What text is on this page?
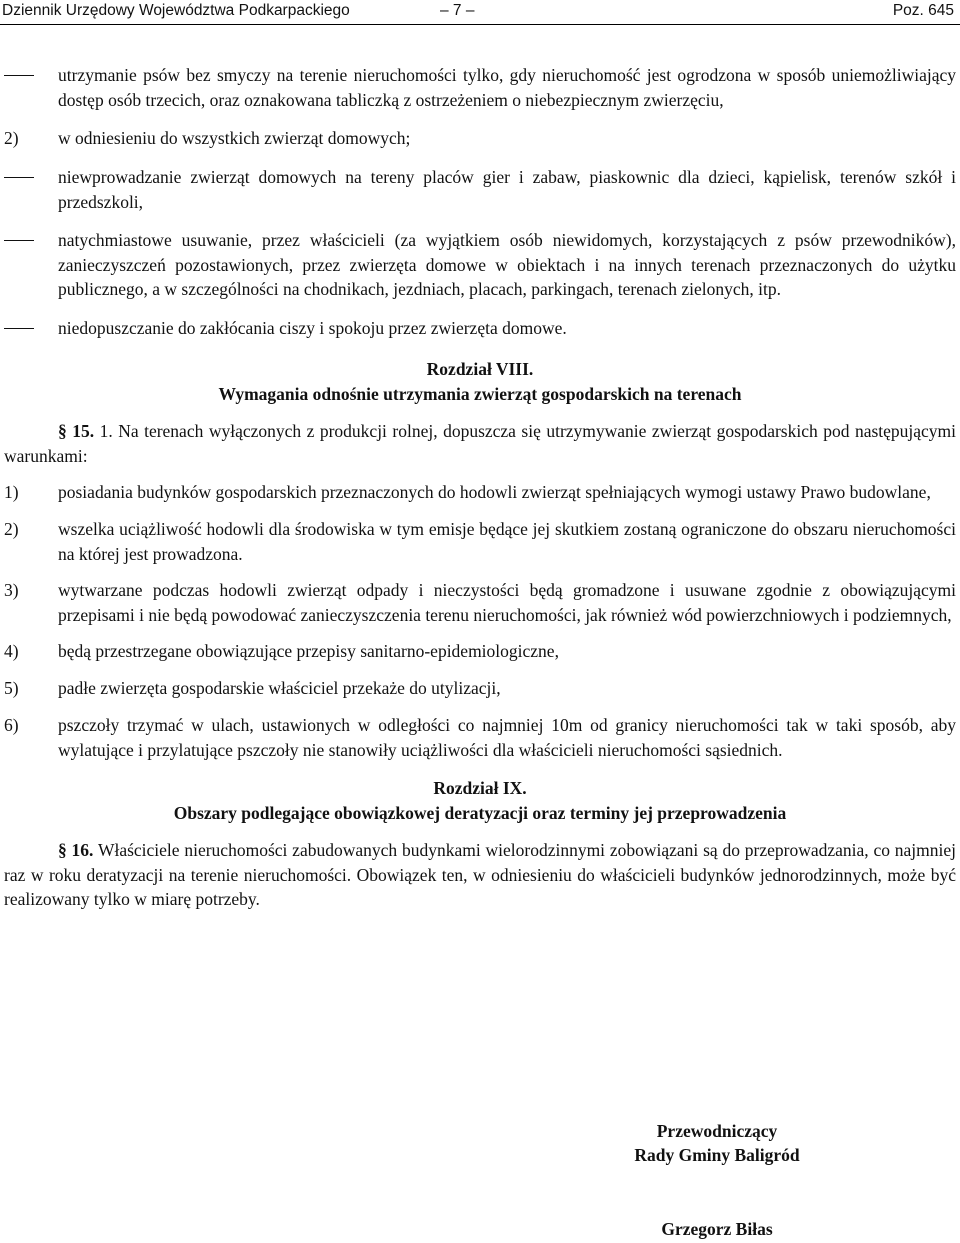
Dziennik Urzędowy Województwa Podkarpackiego	– 7 –	Poz. 645
utrzymanie psów bez smyczy na terenie nieruchomości tylko, gdy nieruchomość jest ogrodzona w sposób uniemożliwiający dostęp osób trzecich, oraz oznakowana tabliczką z ostrzeżeniem o niebezpiecznym zwierzęciu,
2) w odniesieniu do wszystkich zwierząt domowych;
niewprowadzanie zwierząt domowych na tereny placów gier i zabaw, piaskownic dla dzieci, kąpielisk, terenów szkół i przedszkoli,
natychmiastowe usuwanie, przez właścicieli (za wyjątkiem osób niewidomych, korzystających z psów przewodników), zanieczyszczeń pozostawionych, przez zwierzęta domowe w obiektach i na innych terenach przeznaczonych do użytku publicznego, a w szczególności na chodnikach, jezdniach, placach, parkingach, terenach zielonych, itp.
niedopuszczanie do zakłócania ciszy i spokoju przez zwierzęta domowe.
Rozdział VIII.
Wymagania odnośnie utrzymania zwierząt gospodarskich na terenach
§ 15. 1. Na terenach wyłączonych z produkcji rolnej, dopuszcza się utrzymywanie zwierząt gospodarskich pod następującymi warunkami:
1) posiadania budynków gospodarskich przeznaczonych do hodowli zwierząt spełniających wymogi ustawy Prawo budowlane,
2) wszelka uciążliwość hodowli dla środowiska w tym emisje będące jej skutkiem zostaną ograniczone do obszaru nieruchomości na której jest prowadzona.
3) wytwarzane podczas hodowli zwierząt odpady i nieczystości będą gromadzone i usuwane zgodnie z obowiązującymi przepisami i nie będą powodować zanieczyszczenia terenu nieruchomości, jak również wód powierzchniowych i podziemnych,
4) będą przestrzegane obowiązujące przepisy sanitarno-epidemiologiczne,
5) padłe zwierzęta gospodarskie właściciel przekaże do utylizacji,
6) pszczoły trzymać w ulach, ustawionych w odległości co najmniej 10m od granicy nieruchomości tak w taki sposób, aby wylatujące i przylatujące pszczoły nie stanowiły uciążliwości dla właścicieli nieruchomości sąsiednich.
Rozdział IX.
Obszary podlegające obowiązkowej deratyzacji oraz terminy jej przeprowadzenia
§ 16. Właściciele nieruchomości zabudowanych budynkami wielorodzinnymi zobowiązani są do przeprowadzania, co najmniej raz w roku deratyzacji na terenie nieruchomości. Obowiązek ten, w odniesieniu do właścicieli budynków jednorodzinnych, może być realizowany tylko w miarę potrzeby.
Przewodniczący
Rady Gminy Baligród
Grzegorz Biłas
